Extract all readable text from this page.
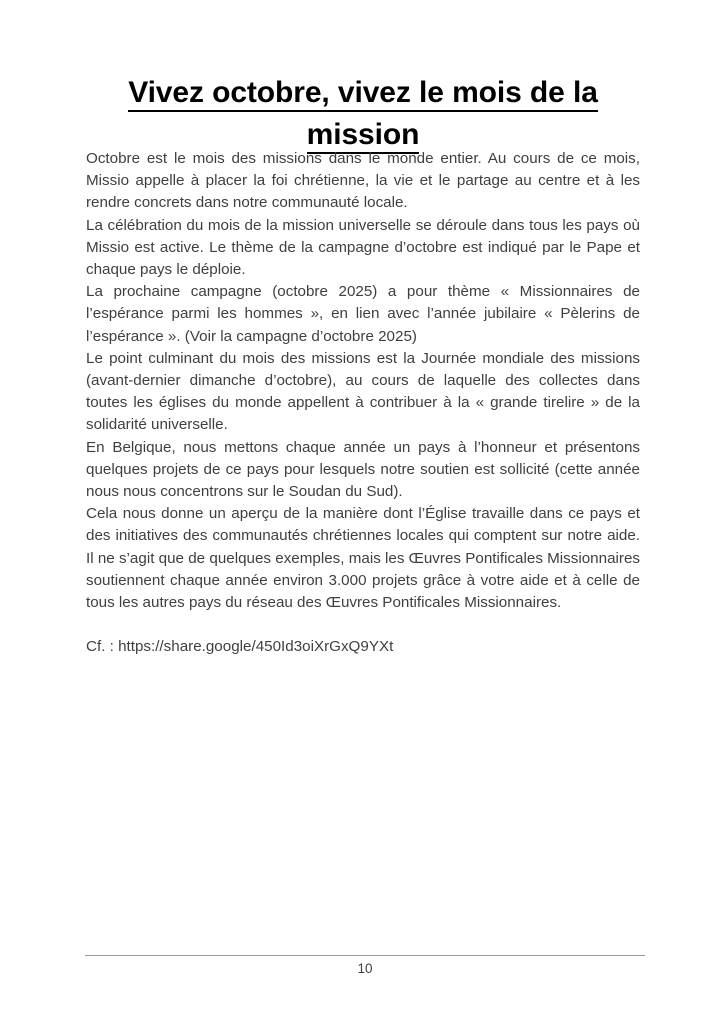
Vivez octobre, vivez le mois de la
mission

Octobre est le mois des missions dans le monde entier. Au cours de ce mois, Missio appelle à placer la foi chrétienne, la vie et le partage au centre et à les rendre concrets dans notre communauté locale.

La célébration du mois de la mission universelle se déroule dans tous les pays où Missio est active. Le thème de la campagne d’octobre est indiqué par le Pape et chaque pays le déploie.

La prochaine campagne (octobre 2025) a pour thème « Missionnaires de l’espérance parmi les hommes », en lien avec l’année jubilaire « Pèlerins de l’espérance ». (Voir la campagne d’octobre 2025)

Le point culminant du mois des missions est la Journée mondiale des missions (avant-dernier dimanche d’octobre), au cours de laquelle des collectes dans toutes les églises du monde appellent à contribuer à la « grande tirelire » de la solidarité universelle.

En Belgique, nous mettons chaque année un pays à l’honneur et présentons quelques projets de ce pays pour lesquels notre soutien est sollicité (cette année nous nous concentrons sur le Soudan du Sud).

Cela nous donne un aperçu de la manière dont l’Église travaille dans ce pays et des initiatives des communautés chrétiennes locales qui comptent sur notre aide. Il ne s’agit que de quelques exemples, mais les Œuvres Pontificales Missionnaires soutiennent chaque année environ 3.000 projets grâce à votre aide et à celle de tous les autres pays du réseau des Œuvres Pontificales Missionnaires.

Cf. : https://share.google/450Id3oiXrGxQ9YXt

10
